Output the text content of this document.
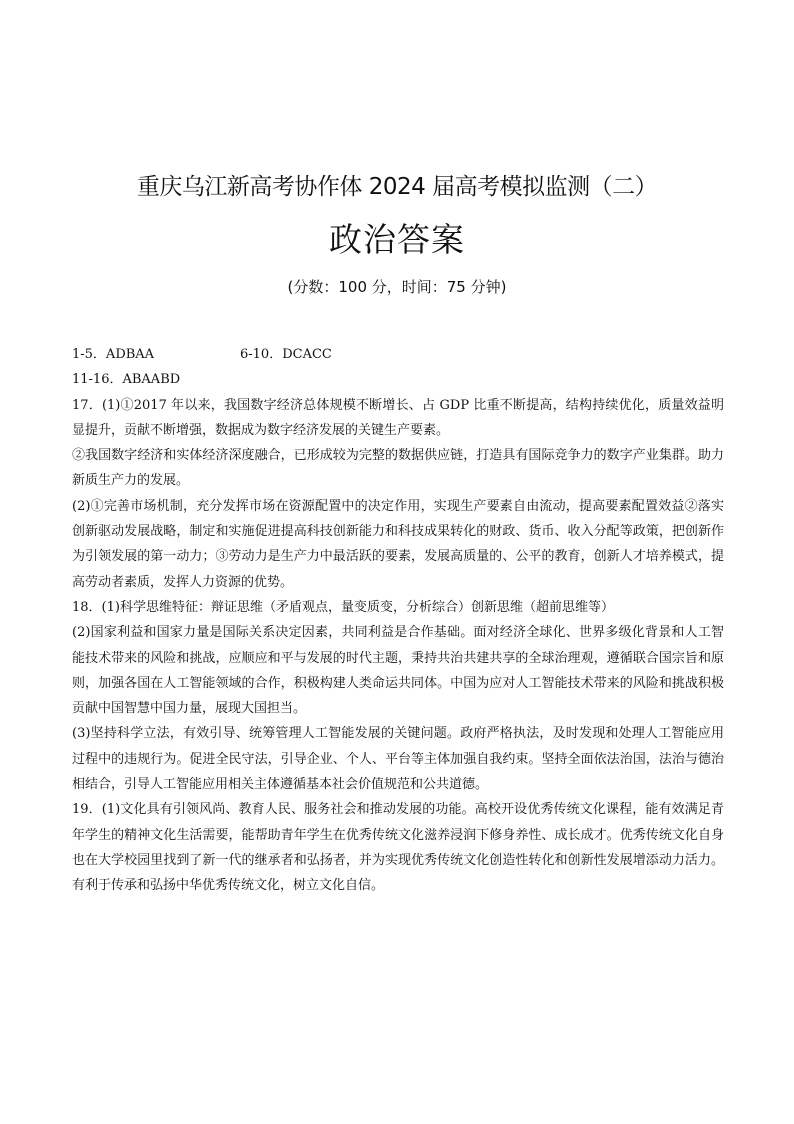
重庆乌江新高考协作体 2024 届高考模拟监测（二）
政治答案
(分数：100 分，时间：75 分钟)
1-5．ADBAA	6-10．DCACC
11-16．ABAABD

17．(1)①2017 年以来，我国数字经济总体规模不断增长、占 GDP 比重不断提高，结构持续优化，质量效益明显提升，贡献不断增强，数据成为数字经济发展的关键生产要素。

②我国数字经济和实体经济深度融合，已形成较为完整的数据供应链，打造具有国际竞争力的数字产业集群。助力新质生产力的发展。

(2)①完善市场机制，充分发挥市场在资源配置中的决定作用，实现生产要素自由流动，提高要素配置效益②落实创新驱动发展战略，制定和实施促进提高科技创新能力和科技成果转化的财政、货币、收入分配等政策，把创新作为引领发展的第一动力；③劳动力是生产力中最活跃的要素，发展高质量的、公平的教育，创新人才培养模式，提高劳动者素质，发挥人力资源的优势。

18．(1)科学思维特征：辩证思维（矛盾观点，量变质变，分析综合）创新思维（超前思维等）

(2)国家利益和国家力量是国际关系决定因素，共同利益是合作基础。面对经济全球化、世界多级化背景和人工智能技术带来的风险和挑战，应顺应和平与发展的时代主题，秉持共治共建共享的全球治理观，遵循联合国宗旨和原则，加强各国在人工智能领域的合作，积极构建人类命运共同体。中国为应对人工智能技术带来的风险和挑战积极贡献中国智慧中国力量，展现大国担当。

(3)坚持科学立法，有效引导、统筹管理人工智能发展的关键问题。政府严格执法，及时发现和处理人工智能应用过程中的违规行为。促进全民守法，引导企业、个人、平台等主体加强自我约束。坚持全面依法治国，法治与德治相结合，引导人工智能应用相关主体遵循基本社会价值规范和公共道德。

19．(1)文化具有引领风尚、教育人民、服务社会和推动发展的功能。高校开设优秀传统文化课程，能有效满足青年学生的精神文化生活需要，能帮助青年学生在优秀传统文化滋养浸润下修身养性、成长成才。优秀传统文化自身也在大学校园里找到了新一代的继承者和弘扬者，并为实现优秀传统文化创造性转化和创新性发展增添动力活力。有利于传承和弘扬中华优秀传统文化，树立文化自信。
